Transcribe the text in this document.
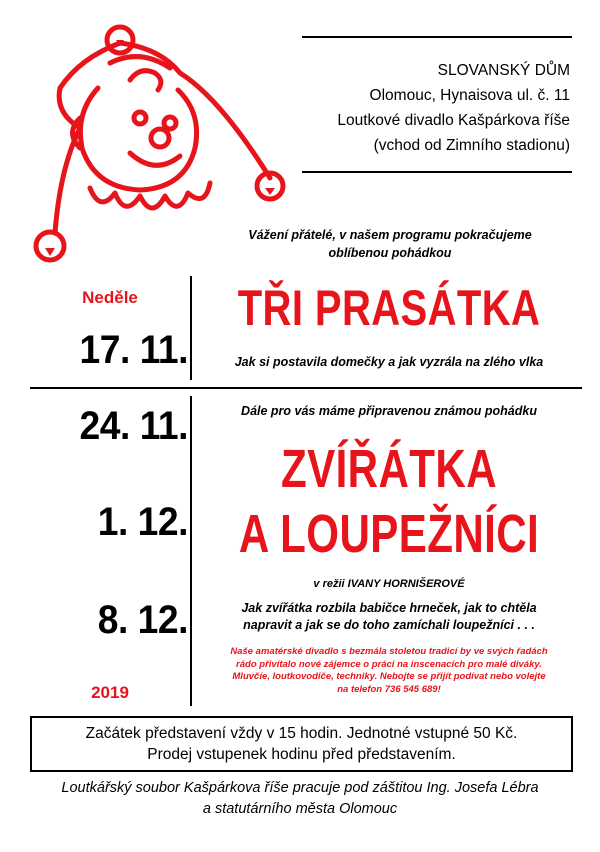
SLOVANSKÝ DŮM
Olomouc, Hynaisova ul. č. 11
Loutkové divadlo Kašpárkova říše
(vchod od Zimního stadionu)
Vážení přátelé, v našem programu pokračujeme
oblíbenou pohádkou
Neděle
17. 11.
TŘI PRASÁTKA
Jak si postavila domečky a jak vyzrála na zlého vlka
Dále pro vás máme připravenou známou pohádku
24. 11.
1. 12.
8. 12.
ZVÍŘÁTKA
A LOUPEŽNÍCI
v režii IVANY HORNIŠEROVÉ
Jak zvířátka rozbila babičce hrneček, jak to chtěla
napravit a jak se do toho zamíchali loupežníci . . .
Naše amatérské divadlo s bezmála stoletou tradicí by ve svých řadách
rádo přivítalo nové zájemce o práci na inscenacích pro malé diváky.
Mluvčíe, loutkovodiče, techniky. Nebojte se přijít podívat nebo volejte
na telefon 736 545 689!
2019
Začátek představení vždy v 15 hodin. Jednotné vstupné 50 Kč.
Prodej vstupenek hodinu před představením.
Loutkářský soubor Kašpárkova říše pracuje pod záštitou Ing. Josefa Lébra
a statutárního města Olomouc
